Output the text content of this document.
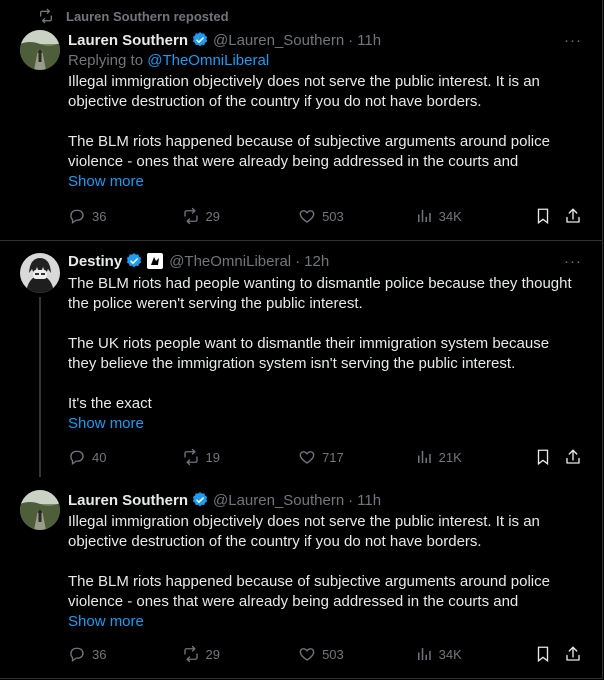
Lauren Southern reposted
Lauren Southern @Lauren_Southern · 11h
Replying to @TheOmniLiberal

Illegal immigration objectively does not serve the public interest. It is an objective destruction of the country if you do not have borders.

The BLM riots happened because of subjective arguments around police violence - ones that were already being addressed in the courts and

Show more
···
36	29	503	34K
Destiny	@TheOmniLiberal · 12h

The BLM riots had people wanting to dismantle police because they thought the police weren't serving the public interest.

The UK riots people want to dismantle their immigration system because they believe the immigration system isn't serving the public interest.

It's the exact

Show more
···
40	19	717	21K
Lauren Southern @Lauren_Southern · 11h

Illegal immigration objectively does not serve the public interest. It is an objective destruction of the country if you do not have borders.

The BLM riots happened because of subjective arguments around police violence - ones that were already being addressed in the courts and

Show more
36	29	503	34K
